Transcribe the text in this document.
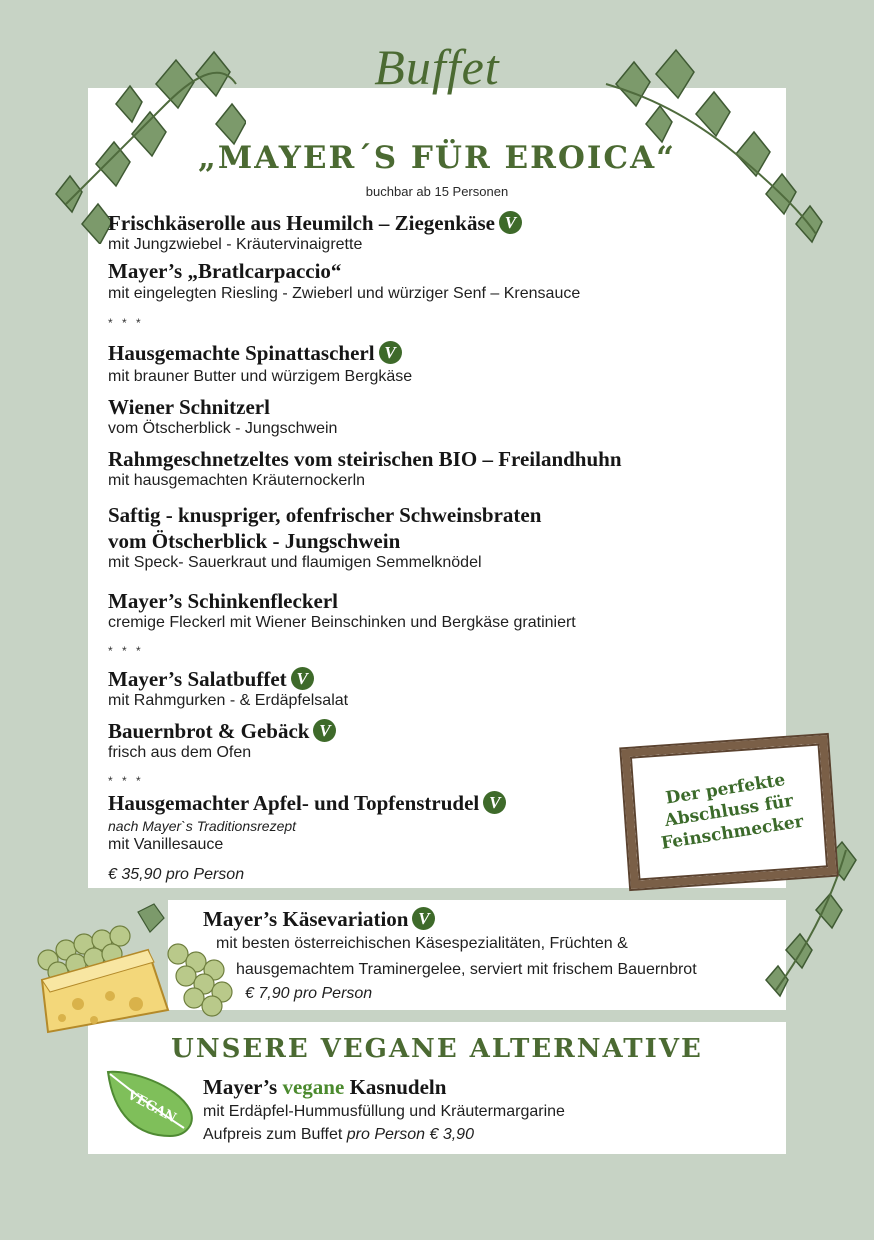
Buffet
„MAYER´S FÜR EROICA“
buchbar ab 15 Personen
Frischkäserolle aus Heumilch – Ziegenkäse V
mit Jungzwiebel - Kräutervinaigrette
Mayer’s „Bratlcarpaccio“
mit eingelegten Riesling - Zwieberl und würziger Senf – Krensauce
* * *
Hausgemachte Spinattascherl V
mit brauner Butter und würzigem Bergkäse
Wiener Schnitzerl
vom Ötscherblick - Jungschwein
Rahmgeschnetzeltes vom steirischen BIO – Freilandhuhn
mit hausgemachten Kräuternockerln
Saftig - knuspriger, ofenfrischer Schweinsbraten
vom Ötscherblick - Jungschwein
mit Speck- Sauerkraut und flaumigen Semmelknödel
Mayer’s Schinkenfleckerl
cremige Fleckerl mit Wiener Beinschinken und Bergkäse gratiniert
* * *
Mayer’s Salatbuffet V
mit Rahmgurken - & Erdäpfelsalat
Bauernbrot & Gebäck V
frisch aus dem Ofen
* * *
Hausgemachter Apfel- und Topfenstrudel V
nach Mayer`s Traditionsrezept
mit Vanillesauce
€ 35,90 pro Person
Der perfekte Abschluss für Feinschmecker
Mayer’s Käsevariation V
mit besten österreichischen Käsespezialitäten, Früchten &
hausgemachtem Traminergelee, serviert mit frischem Bauernbrot
€ 7,90 pro Person
UNSERE VEGANE ALTERNATIVE
VEGAN
Mayer’s vegane Kasnudeln
mit Erdäpfel-Hummusfüllung und Kräutermargarine
Aufpreis zum Buffet pro Person € 3,90
